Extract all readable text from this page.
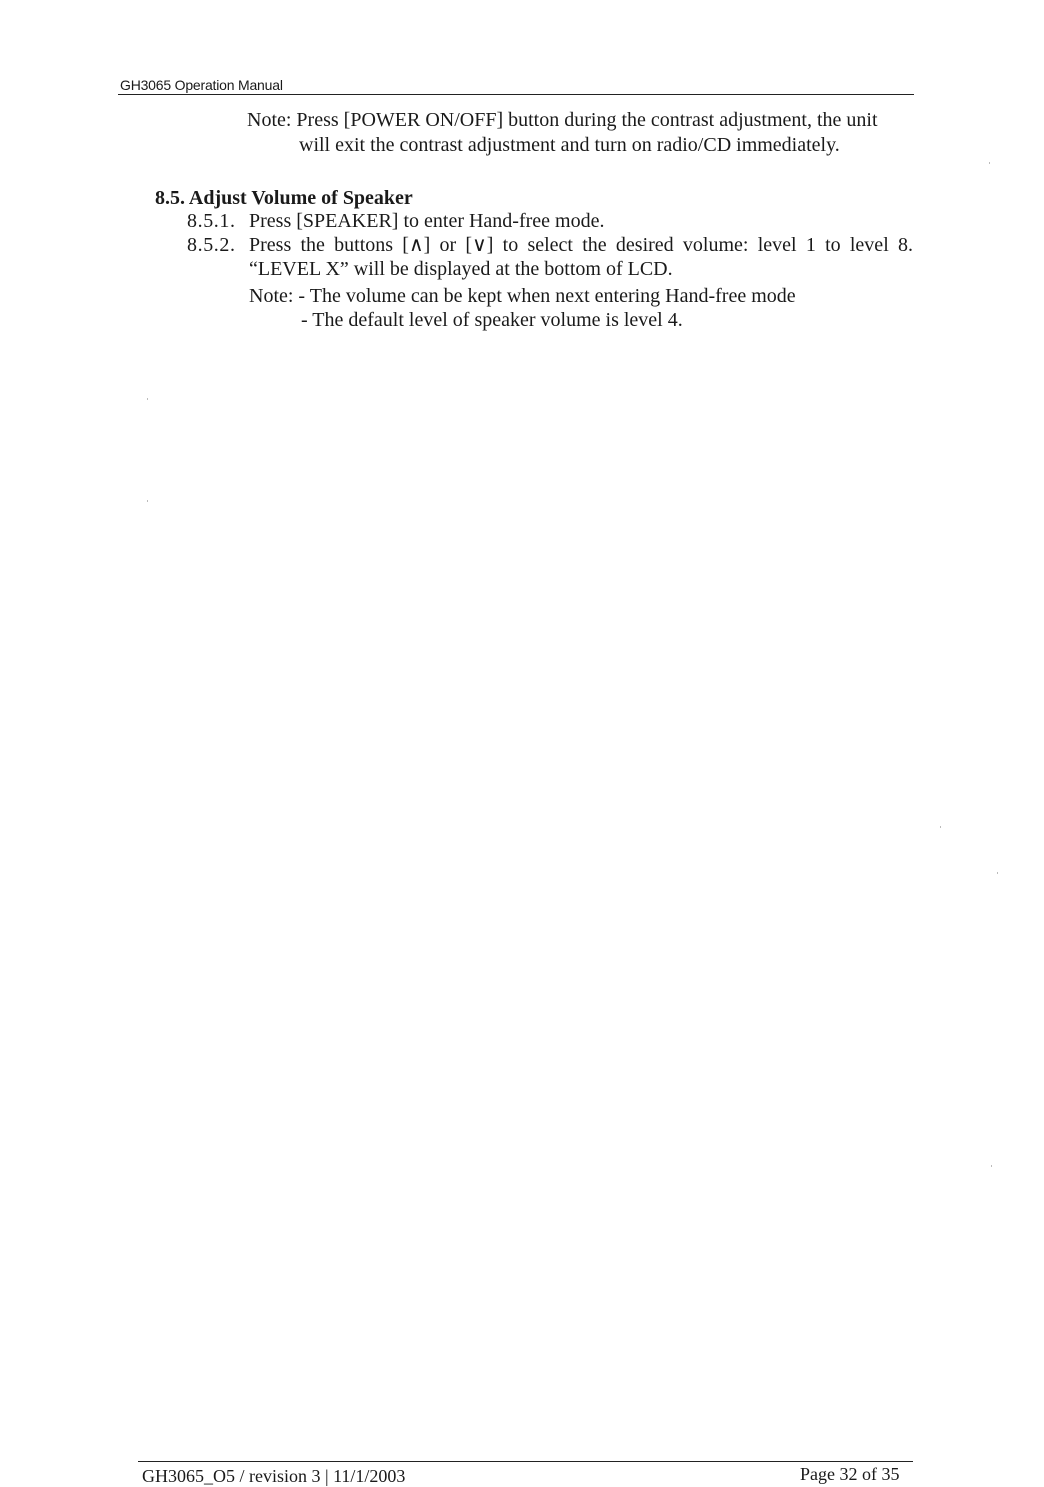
GH3065 Operation Manual
Note: Press [POWER ON/OFF] button during the contrast adjustment, the unit
will exit the contrast adjustment and turn on radio/CD immediately.
8.5. Adjust Volume of Speaker
8.5.1. Press [SPEAKER] to enter Hand-free mode.
8.5.2. Press the buttons [∧] or [∨] to select the desired volume: level 1 to level 8.
“LEVEL X” will be displayed at the bottom of LCD.
Note: - The volume can be kept when next entering Hand-free mode
- The default level of speaker volume is level 4.
GH3065_O5 / revision 3 | 11/1/2003	Page 32 of 35
